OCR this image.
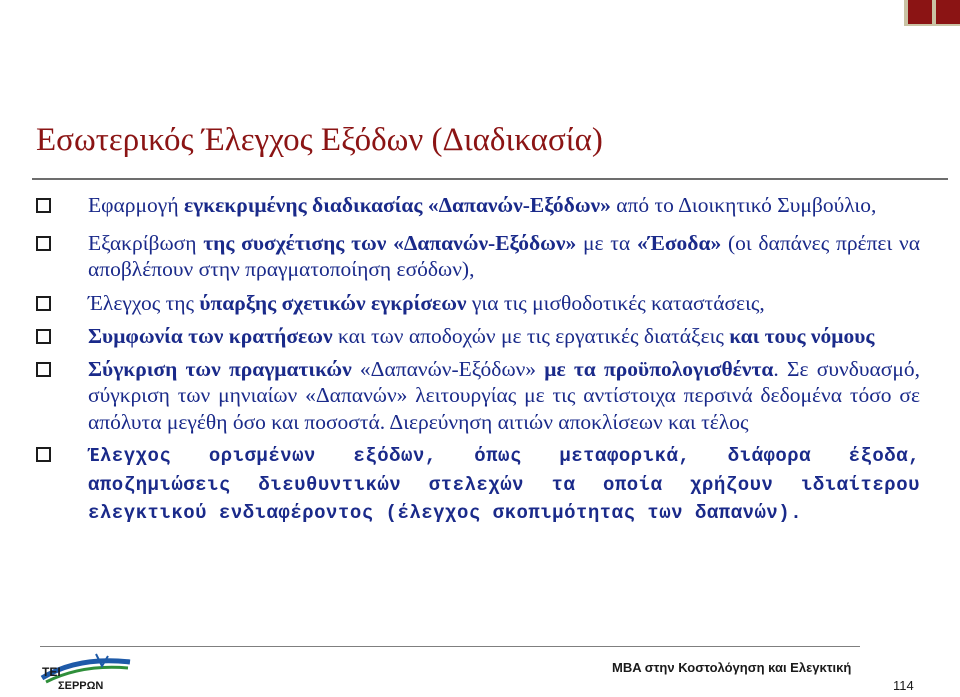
Εσωτερικός Έλεγχος Εξόδων (Διαδικασία)
Εφαρμογή εγκεκριμένης διαδικασίας «Δαπανών-Εξόδων» από το Διοικητικό Συμβούλιο,
Εξακρίβωση της συσχέτισης των «Δαπανών-Εξόδων» με τα «Έσοδα» (οι δαπάνες πρέπει να αποβλέπουν στην πραγματοποίηση εσόδων),
Έλεγχος της ύπαρξης σχετικών εγκρίσεων για τις μισθοδοτικές καταστάσεις,
Συμφωνία των κρατήσεων και των αποδοχών με τις εργατικές διατάξεις και τους νόμους
Σύγκριση των πραγματικών «Δαπανών-Εξόδων» με τα προϋπολογισθέντα. Σε συνδυασμό, σύγκριση των μηνιαίων «Δαπανών» λειτουργίας με τις αντίστοιχα περσινά δεδομένα τόσο σε απόλυτα μεγέθη όσο και ποσοστά. Διερεύνηση αιτιών αποκλίσεων και τέλος
Έλεγχος ορισμένων εξόδων, όπως μεταφορικά, διάφορα έξοδα, αποζημιώσεις διευθυντικών στελεχών τα οποία χρήζουν ιδιαίτερου ελεγκτικού ενδιαφέροντος (έλεγχος σκοπιμότητας των δαπανών).
ΤΕΙ
ΣΕΡΡΩΝ
MBA στην Κοστολόγηση και Ελεγκτική
114
